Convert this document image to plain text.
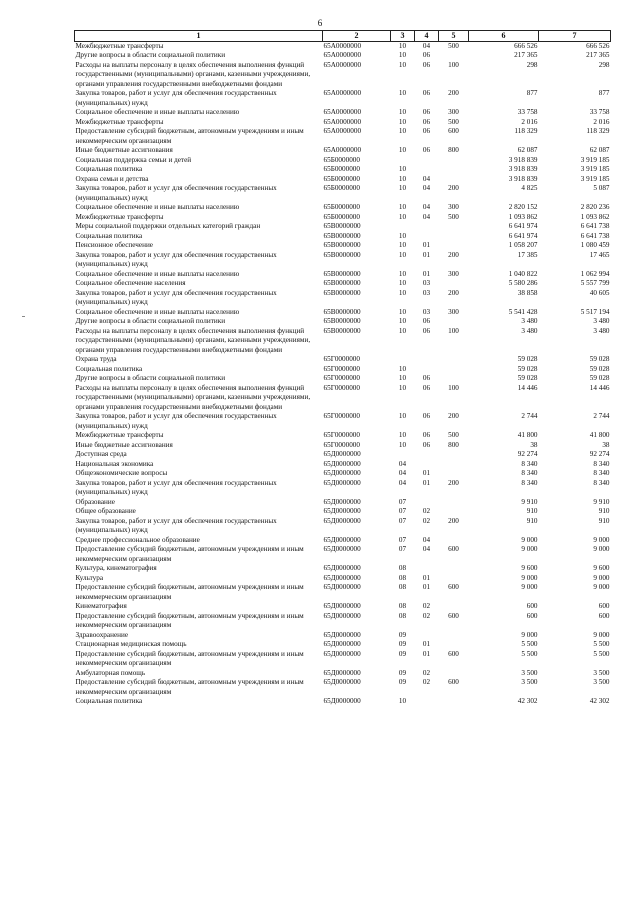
6
1	2	3	4	5	6	7
Межбюджетные трансферты	65А0000000	10	04	500	666 526	666 526
Другие вопросы в области социальной политики	65А0000000	10	06		217 365	217 365
Расходы на выплаты персоналу в целях обеспечения выполнения функций государственными (муниципальными) органами, казенными учреждениями, органами управления государственными внебюджетными фондами	65А0000000	10	06	100	298	298
Закупка товаров, работ и услуг для обеспечения государственных (муниципальных) нужд	65А0000000	10	06	200	877	877
Социальное обеспечение и иные выплаты населению	65А0000000	10	06	300	33 758	33 758
Межбюджетные трансферты	65А0000000	10	06	500	2 016	2 016
Предоставление субсидий бюджетным, автономным учреждениям и иным некоммерческим организациям	65А0000000	10	06	600	118 329	118 329
Иные бюджетные ассигнования	65А0000000	10	06	800	62 087	62 087
Социальная поддержка семьи и детей	65Б0000000				3 918 839	3 919 185
Социальная политика	65Б0000000	10			3 918 839	3 919 185
Охрана семьи и детства	65Б0000000	10	04		3 918 839	3 919 185
Закупка товаров, работ и услуг для обеспечения государственных (муниципальных) нужд	65Б0000000	10	04	200	4 825	5 087
Социальное обеспечение и иные выплаты населению	65Б0000000	10	04	300	2 820 152	2 820 236
Межбюджетные трансферты	65Б0000000	10	04	500	1 093 862	1 093 862
Меры социальной поддержки отдельных категорий граждан	65В0000000				6 641 974	6 641 738
Социальная политика	65В0000000	10			6 641 974	6 641 738
Пенсионное обеспечение	65В0000000	10	01		1 058 207	1 080 459
Закупка товаров, работ и услуг для обеспечения государственных (муниципальных) нужд	65В0000000	10	01	200	17 385	17 465
Социальное обеспечение и иные выплаты населению	65В0000000	10	01	300	1 040 822	1 062 994
Социальное обеспечение населения	65В0000000	10	03		5 580 286	5 557 799
Закупка товаров, работ и услуг для обеспечения государственных (муниципальных) нужд	65В0000000	10	03	200	38 858	40 605
Социальное обеспечение и иные выплаты населению	65В0000000	10	03	300	5 541 428	5 517 194
Другие вопросы в области социальной политики	65В0000000	10	06		3 480	3 480
Расходы на выплаты персоналу в целях обеспечения выполнения функций государственными (муниципальными) органами, казенными учреждениями, органами управления государственными внебюджетными фондами	65В0000000	10	06	100	3 480	3 480
Охрана труда	65Г0000000				59 028	59 028
Социальная политика	65Г0000000	10			59 028	59 028
Другие вопросы в области социальной политики	65Г0000000	10	06		59 028	59 028
Расходы на выплаты персоналу в целях обеспечения выполнения функций государственными (муниципальными) органами, казенными учреждениями, органами управления государственными внебюджетными фондами	65Г0000000	10	06	100	14 446	14 446
Закупка товаров, работ и услуг для обеспечения государственных (муниципальных) нужд	65Г0000000	10	06	200	2 744	2 744
Межбюджетные трансферты	65Г0000000	10	06	500	41 800	41 800
Иные бюджетные ассигнования	65Г0000000	10	06	800	38	38
Доступная среда	65Д0000000				92 274	92 274
Национальная экономика	65Д0000000	04			8 340	8 340
Общеэкономические вопросы	65Д0000000	04	01		8 340	8 340
Закупка товаров, работ и услуг для обеспечения государственных (муниципальных) нужд	65Д0000000	04	01	200	8 340	8 340
Образование	65Д0000000	07			9 910	9 910
Общее образование	65Д0000000	07	02		910	910
Закупка товаров, работ и услуг для обеспечения государственных (муниципальных) нужд	65Д0000000	07	02	200	910	910
Среднее профессиональное образование	65Д0000000	07	04		9 000	9 000
Предоставление субсидий бюджетным, автономным учреждениям и иным некоммерческим организациям	65Д0000000	07	04	600	9 000	9 000
Культура, кинематография	65Д0000000	08			9 600	9 600
Культура	65Д0000000	08	01		9 000	9 000
Предоставление субсидий бюджетным, автономным учреждениям и иным некоммерческим организациям	65Д0000000	08	01	600	9 000	9 000
Кинематография	65Д0000000	08	02		600	600
Предоставление субсидий бюджетным, автономным учреждениям и иным некоммерческим организациям	65Д0000000	08	02	600	600	600
Здравоохранение	65Д0000000	09			9 000	9 000
Стационарная медицинская помощь	65Д0000000	09	01		5 500	5 500
Предоставление субсидий бюджетным, автономным учреждениям и иным некоммерческим организациям	65Д0000000	09	01	600	5 500	5 500
Амбулаторная помощь	65Д0000000	09	02		3 500	3 500
Предоставление субсидий бюджетным, автономным учреждениям и иным некоммерческим организациям	65Д0000000	09	02	600	3 500	3 500
Социальная политика	65Д0000000	10			42 302	42 302
